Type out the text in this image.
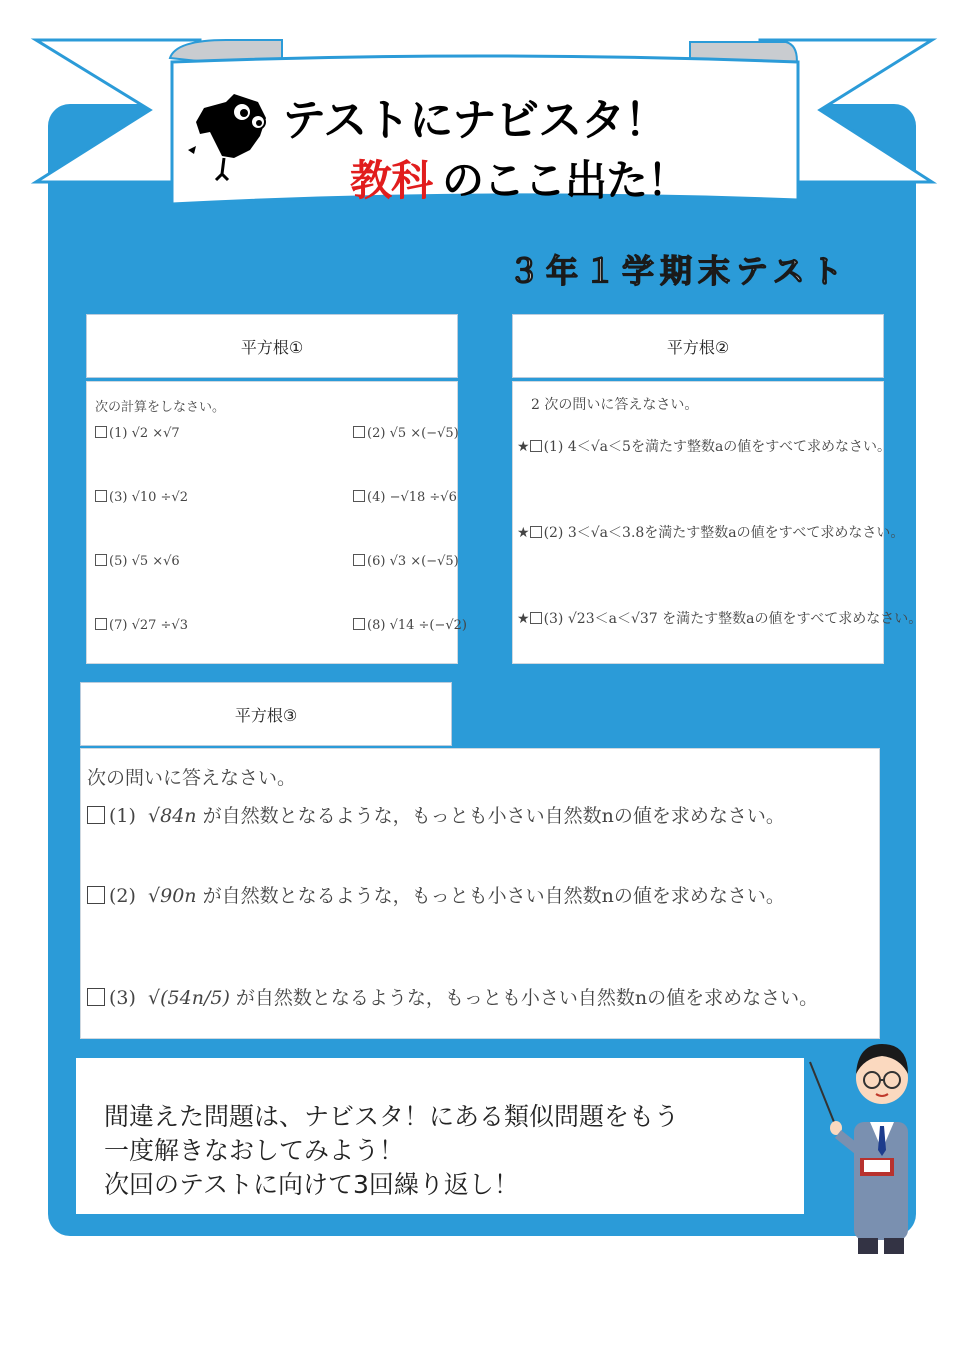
テストにナビスタ！
教科 のここ出た！
３年１学期末テスト
平方根①
次の計算をしなさい。
(1) √2 ×√7	(2) √5 ×(−√5)
(3) √10 ÷√2	(4) −√18 ÷√6
(5) √5 ×√6	(6) √3 ×(−√5)
(7) √27 ÷√3	(8) √14 ÷(−√2)
平方根②
2 次の問いに答えなさい。
★ (1) 4＜√a＜5を満たす整数aの値をすべて求めなさい。
★ (2) 3＜√a＜3.8を満たす整数aの値をすべて求めなさい。
★ (3) √23＜a＜√37 を満たす整数aの値をすべて求めなさい。
平方根③
次の問いに答えなさい。
(1) √84n が自然数となるような，もっとも小さい自然数nの値を求めなさい。
(2) √90n が自然数となるような，もっとも小さい自然数nの値を求めなさい。
(3) √(54n/5) が自然数となるような，もっとも小さい自然数nの値を求めなさい。

間違えた問題は、ナビスタ！にある類似問題をもう
一度解きなおしてみよう！
次回のテストに向けて3回繰り返し！
